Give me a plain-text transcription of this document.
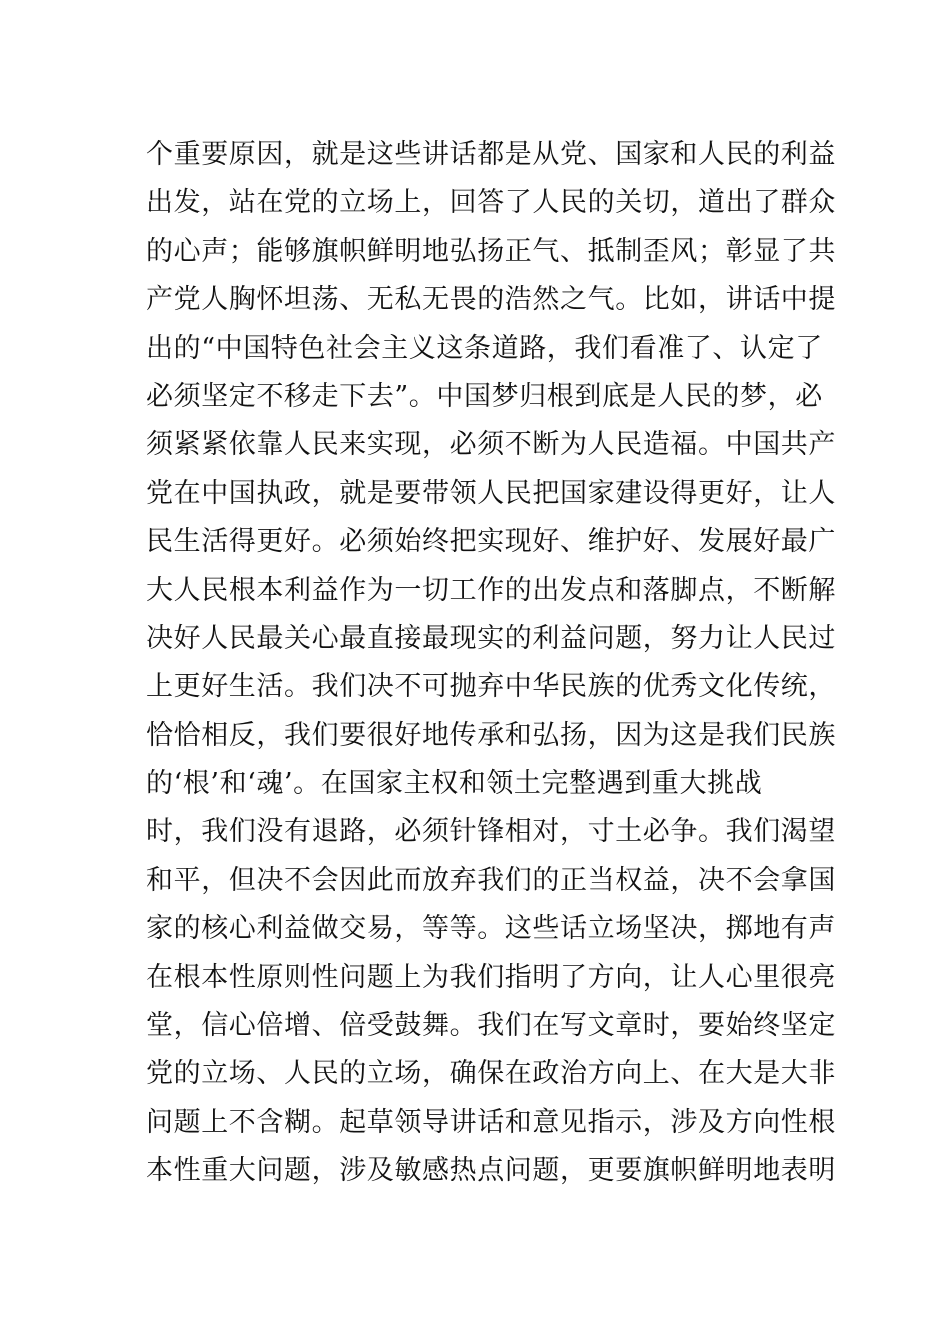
个重要原因，就是这些讲话都是从党、国家和人民的利益
出发，站在党的立场上，回答了人民的关切，道出了群众
的心声；能够旗帜鲜明地弘扬正气、抵制歪风；彰显了共
产党人胸怀坦荡、无私无畏的浩然之气。比如，讲话中提
出的“中国特色社会主义这条道路，我们看准了、认定了
必须坚定不移走下去”。中国梦归根到底是人民的梦，必
须紧紧依靠人民来实现，必须不断为人民造福。中国共产
党在中国执政，就是要带领人民把国家建设得更好，让人
民生活得更好。必须始终把实现好、维护好、发展好最广
大人民根本利益作为一切工作的出发点和落脚点，不断解
决好人民最关心最直接最现实的利益问题，努力让人民过
上更好生活。我们决不可抛弃中华民族的优秀文化传统，
恰恰相反，我们要很好地传承和弘扬，因为这是我们民族
的‘根’和‘魂’。在国家主权和领土完整遇到重大挑战
时，我们没有退路，必须针锋相对，寸土必争。我们渴望
和平，但决不会因此而放弃我们的正当权益，决不会拿国
家的核心利益做交易，等等。这些话立场坚决，掷地有声
在根本性原则性问题上为我们指明了方向，让人心里很亮
堂，信心倍增、倍受鼓舞。我们在写文章时，要始终坚定
党的立场、人民的立场，确保在政治方向上、在大是大非
问题上不含糊。起草领导讲话和意见指示，涉及方向性根
本性重大问题，涉及敏感热点问题，更要旗帜鲜明地表明
